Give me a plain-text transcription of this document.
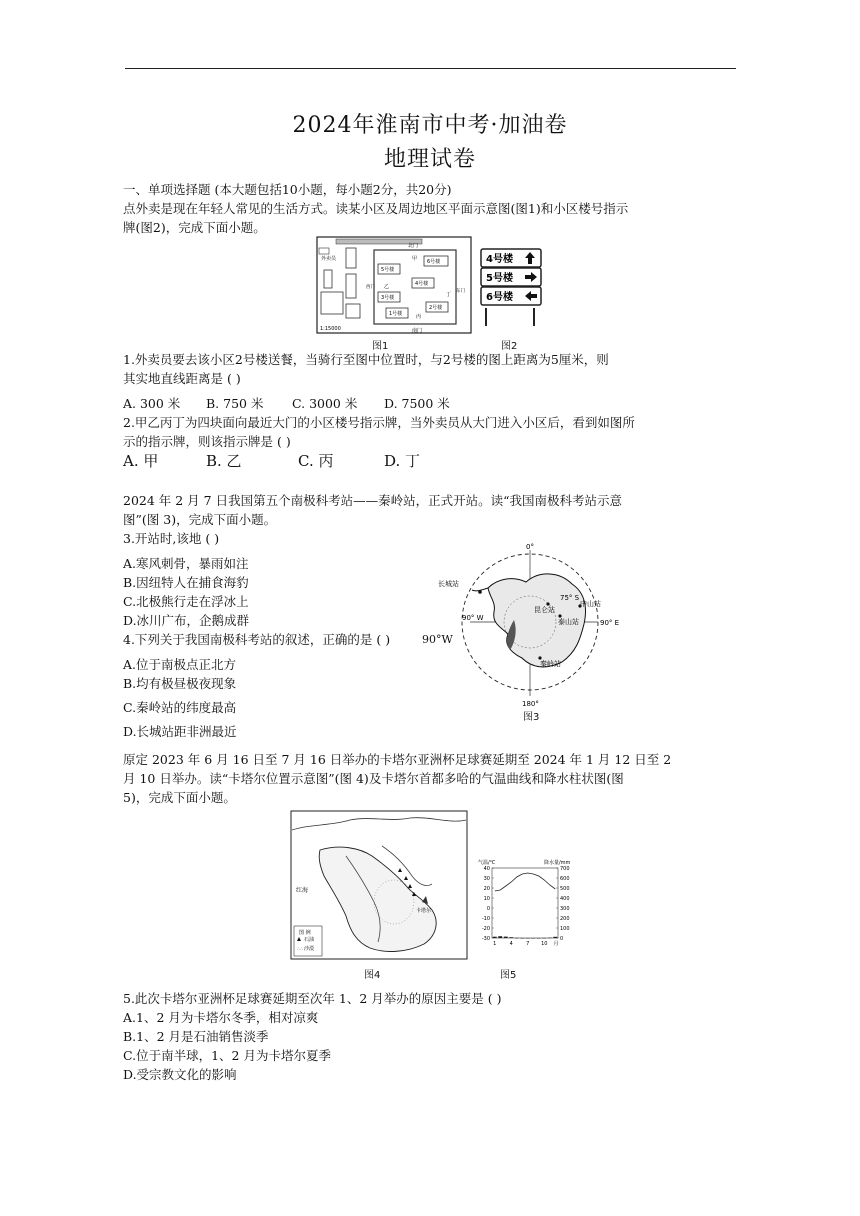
2024年淮南市中考·加油卷
地理试卷
一、单项选择题 (本大题包括10小题，每小题2分，共20分)
点外卖是现在年轻人常见的生活方式。读某小区及周边地区平面示意图(图1)和小区楼号指示
牌(图2)，完成下面小题。
外卖员
北门
南门
西门
东门
甲
乙
丙
丁
5号楼
6号楼
4号楼
3号楼
1号楼
2号楼
1:15000
图1
4号楼
5号楼
6号楼
图2
1.外卖员要去该小区2号楼送餐，当骑行至图中位置时，与2号楼的图上距离为5厘米，则
其实地直线距离是 ( )
A. 300 米 B. 750 米 C. 3000 米 D. 7500 米
2.甲乙丙丁为四块面向最近大门的小区楼号指示牌，当外卖员从大门进入小区后，看到如图所
示的指示牌，则该指示牌是 ( )
A. 甲	B. 乙	C. 丙	D. 丁
2024 年 2 月 7 日我国第五个南极科考站——秦岭站，正式开站。读“我国南极科考站示意
图”(图 3)，完成下面小题。
3.开站时,该地 ( )
A.寒风刺骨，暴雨如注
B.因纽特人在捕食海豹
C.北极熊行走在浮冰上
D.冰川广布，企鹅成群
4.下列关于我国南极科考站的叙述，正确的是 ( )	90°W
A.位于南极点正北方
B.均有极昼极夜现象
C.秦岭站的纬度最高
D.长城站距非洲最近
0°
180°
90° W
90° E
75° S
长城站
昆仑站
中山站
泰山站
秦岭站
图3
原定 2023 年 6 月 16 日至 7 月 16 日举办的卡塔尔亚洲杯足球赛延期至 2024 年 1 月 12 日至 2
月 10 日举办。读“卡塔尔位置示意图”(图 4)及卡塔尔首都多哈的气温曲线和降水柱状图(图
5)，完成下面小题。
红海
卡塔尔
图 例
石油
∴∴ 沙漠
图4
气温/℃	降水量/mm
40
30
20
10
0
-10
-20
-30
700
600
500
400
300
200
100
0
1	4	7 10 月
图5
5.此次卡塔尔亚洲杯足球赛延期至次年 1、2 月举办的原因主要是 ( )
A.1、2 月为卡塔尔冬季，相对凉爽
B.1、2 月是石油销售淡季
C.位于南半球，1、2 月为卡塔尔夏季
D.受宗教文化的影响
